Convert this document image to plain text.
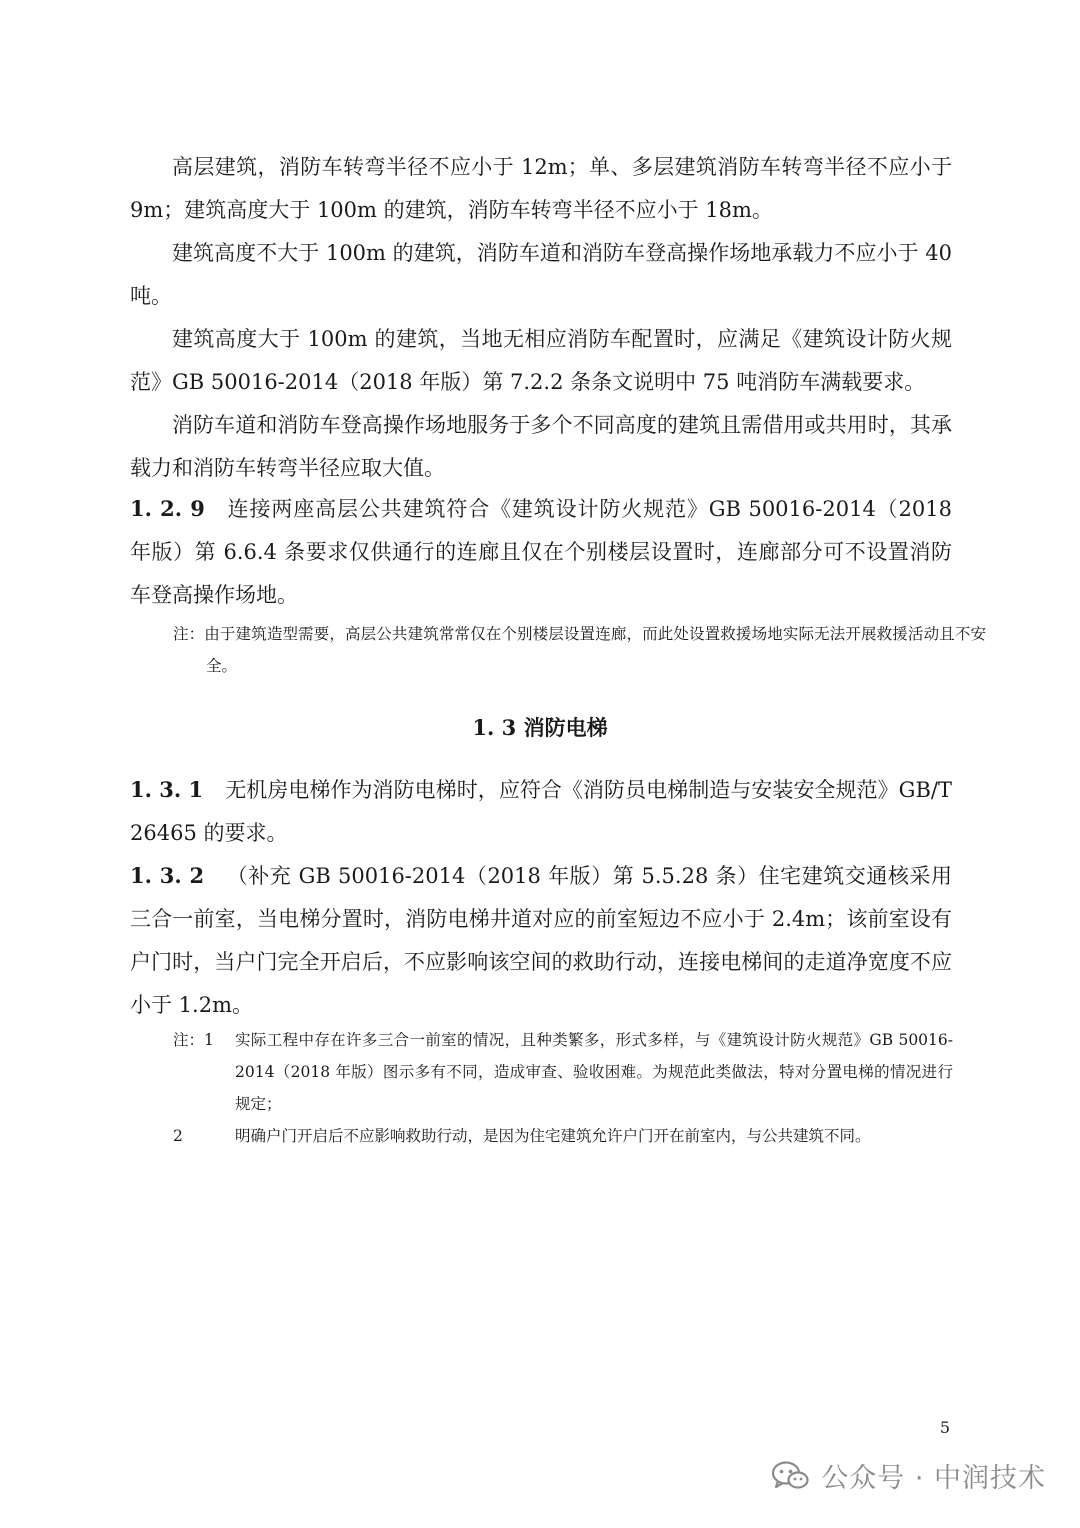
高层建筑，消防车转弯半径不应小于 12m；单、多层建筑消防车转弯半径不应小于 9m；建筑高度大于 100m 的建筑，消防车转弯半径不应小于 18m。

建筑高度不大于 100m 的建筑，消防车道和消防车登高操作场地承载力不应小于 40 吨。

建筑高度大于 100m 的建筑，当地无相应消防车配置时，应满足《建筑设计防火规范》GB 50016-2014（2018 年版）第 7.2.2 条条文说明中 75 吨消防车满载要求。

消防车道和消防车登高操作场地服务于多个不同高度的建筑且需借用或共用时，其承载力和消防车转弯半径应取大值。

1. 2. 9 连接两座高层公共建筑符合《建筑设计防火规范》GB 50016-2014（2018 年版）第 6.6.4 条要求仅供通行的连廊且仅在个别楼层设置时，连廊部分可不设置消防车登高操作场地。

注：由于建筑造型需要，高层公共建筑常常仅在个别楼层设置连廊，而此处设置救援场地实际无法开展救援活动且不安全。

1. 3 消防电梯

1. 3. 1 无机房电梯作为消防电梯时，应符合《消防员电梯制造与安装安全规范》GB/T 26465 的要求。

1. 3. 2 （补充 GB 50016-2014（2018 年版）第 5.5.28 条）住宅建筑交通核采用三合一前室，当电梯分置时，消防电梯井道对应的前室短边不应小于 2.4m；该前室设有户门时，当户门完全开启后，不应影响该空间的救助行动，连接电梯间的走道净宽度不应小于 1.2m。

注：1	实际工程中存在许多三合一前室的情况，且种类繁多，形式多样，与《建筑设计防火规范》GB 50016-2014（2018 年版）图示多有不同，造成审查、验收困难。为规范此类做法，特对分置电梯的情况进行规定；
2	明确户门开启后不应影响救助行动，是因为住宅建筑允许户门开在前室内，与公共建筑不同。
5
公众号 · 中润技术
